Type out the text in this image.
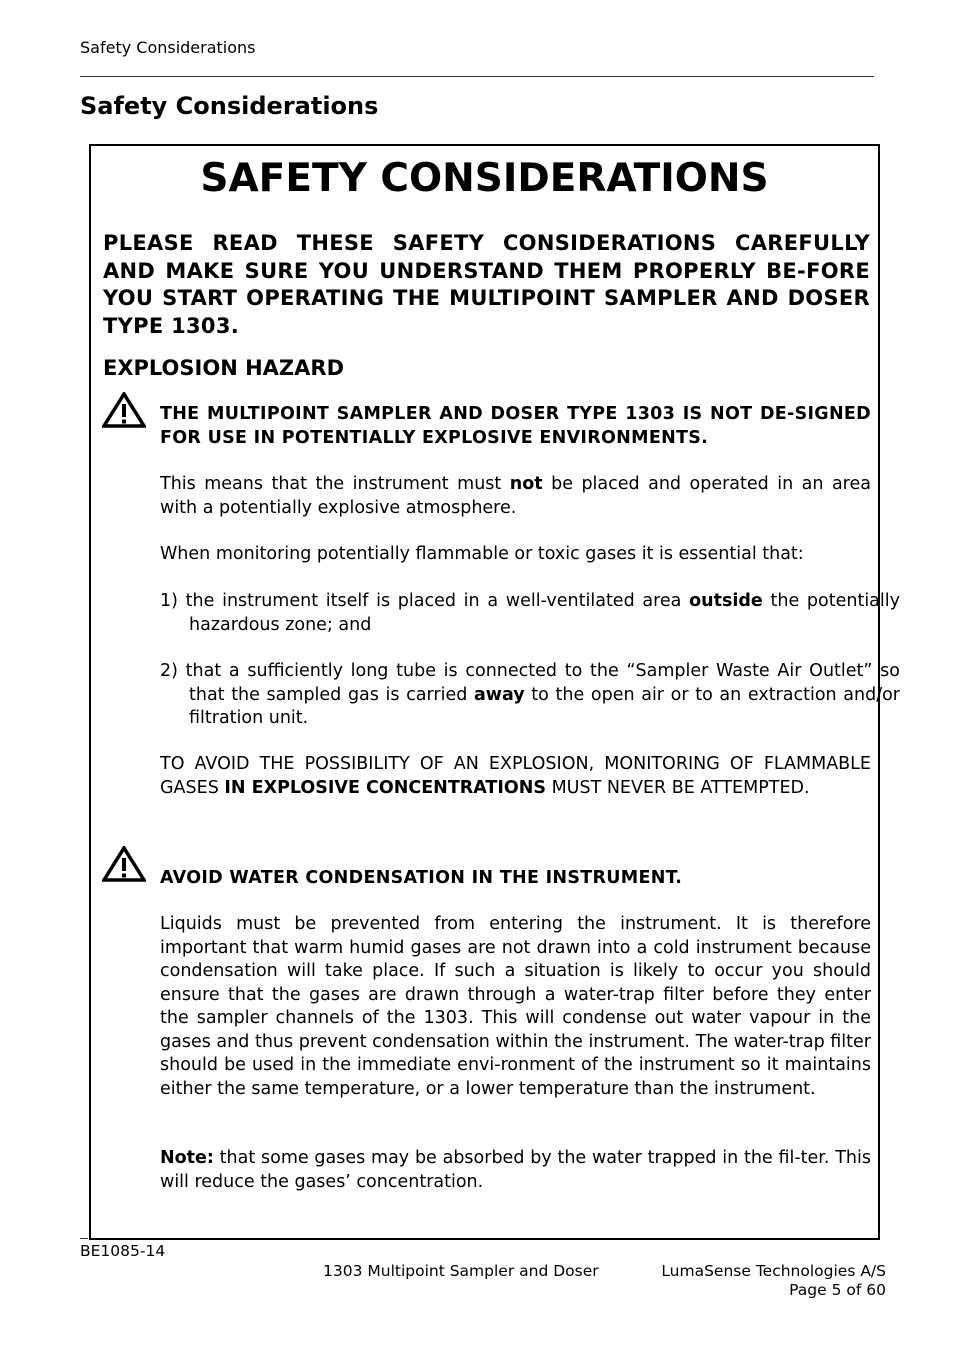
Safety Considerations
Safety Considerations
SAFETY CONSIDERATIONS
PLEASE READ THESE SAFETY CONSIDERATIONS CAREFULLY AND MAKE SURE YOU UNDERSTAND THEM PROPERLY BE-FORE YOU START OPERATING THE MULTIPOINT SAMPLER AND DOSER TYPE 1303.
EXPLOSION HAZARD
THE MULTIPOINT SAMPLER AND DOSER TYPE 1303 IS NOT DE-SIGNED FOR USE IN POTENTIALLY EXPLOSIVE ENVIRONMENTS.
This means that the instrument must not be placed and operated in an area with a potentially explosive atmosphere.
When monitoring potentially flammable or toxic gases it is essential that:
1) the instrument itself is placed in a well-ventilated area outside the potentially hazardous zone; and
2) that a sufficiently long tube is connected to the “Sampler Waste Air Outlet” so that the sampled gas is carried away to the open air or to an extraction and/or filtration unit.
TO AVOID THE POSSIBILITY OF AN EXPLOSION, MONITORING OF FLAMMABLE GASES IN EXPLOSIVE CONCENTRATIONS MUST NEVER BE ATTEMPTED.
AVOID WATER CONDENSATION IN THE INSTRUMENT.
Liquids must be prevented from entering the instrument. It is therefore important that warm humid gases are not drawn into a cold instrument because condensation will take place. If such a situation is likely to occur you should ensure that the gases are drawn through a water-trap filter before they enter the sampler channels of the 1303. This will condense out water vapour in the gases and thus prevent condensation within the instrument. The water-trap filter should be used in the immediate envi-ronment of the instrument so it maintains either the same temperature, or a lower temperature than the instrument.
Note: that some gases may be absorbed by the water trapped in the fil-ter. This will reduce the gases’ concentration.
BE1085-14
1303 Multipoint Sampler and Doser	LumaSense Technologies A/S
Page 5 of 60
